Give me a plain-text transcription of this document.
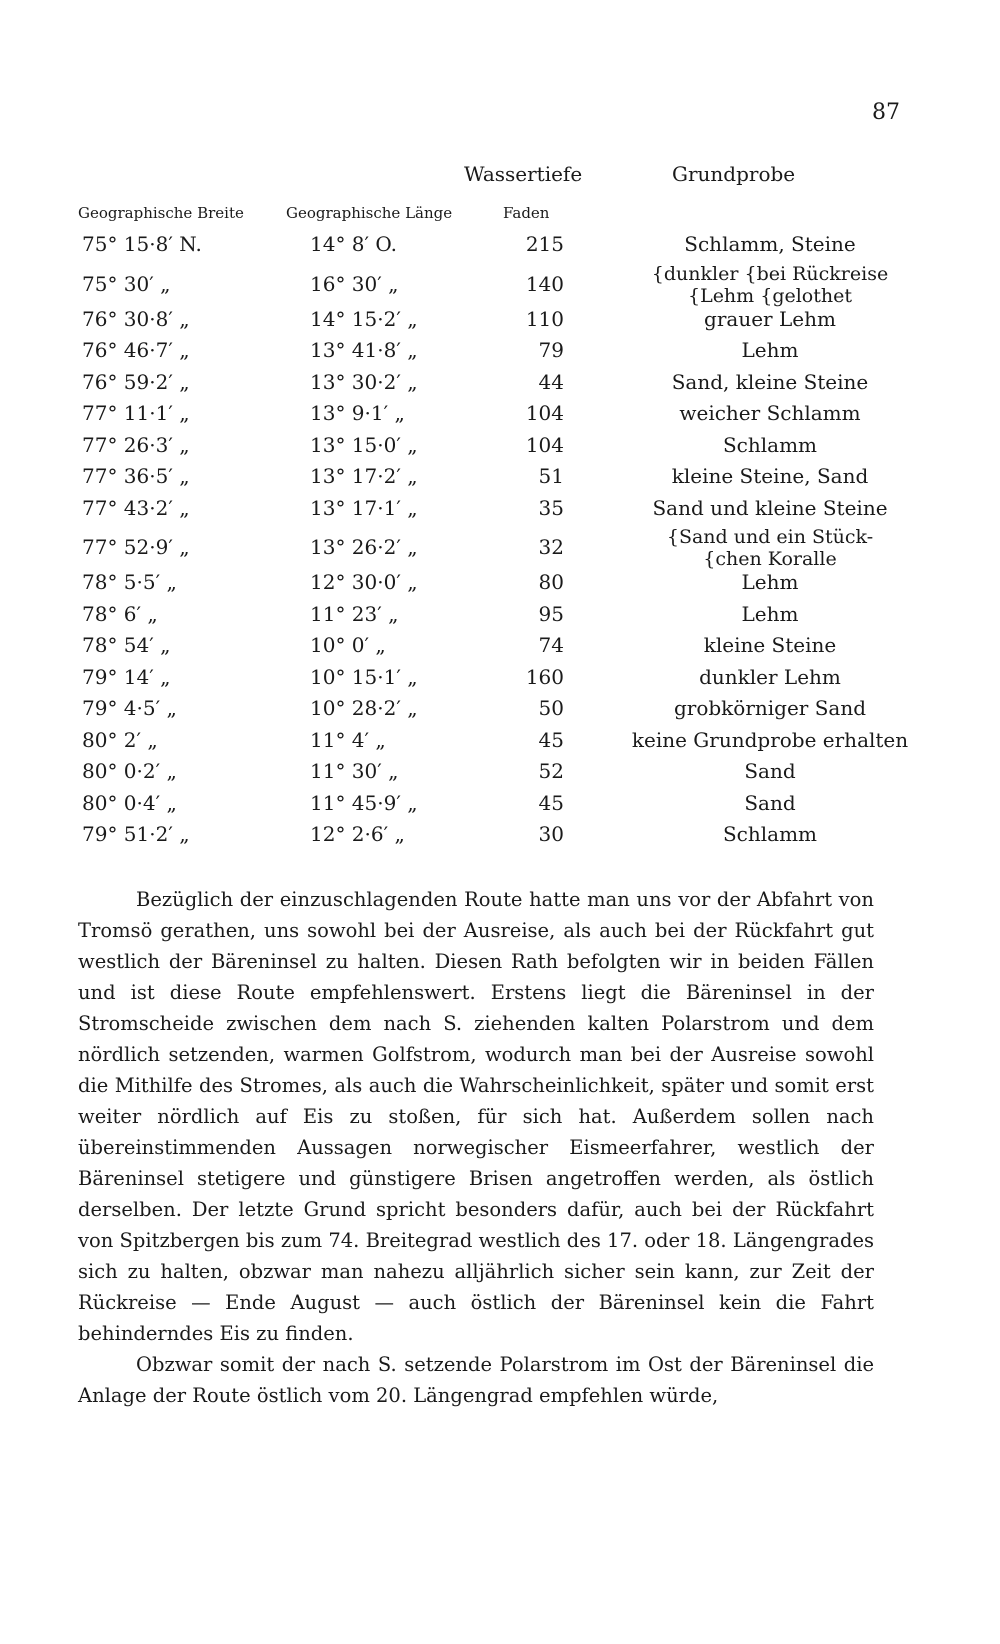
87
Wassertiefe	Grundprobe
Geographische Breite	Geographische Länge	Faden
75° 15·8′ N.	14° 8′ O.	215	Schlamm, Steine
75° 30′ „	16° 30′ „	140	{dunkler {bei Rückreise
{Lehm {gelothet
76° 30·8′ „	14° 15·2′ „	110	grauer Lehm
76° 46·7′ „	13° 41·8′ „	79	Lehm
76° 59·2′ „	13° 30·2′ „	44	Sand, kleine Steine
77° 11·1′ „	13° 9·1′ „	104	weicher Schlamm
77° 26·3′ „	13° 15·0′ „	104	Schlamm
77° 36·5′ „	13° 17·2′ „	51	kleine Steine, Sand
77° 43·2′ „	13° 17·1′ „	35	Sand und kleine Steine
77° 52·9′ „	13° 26·2′ „	32	{Sand und ein Stück-
{chen Koralle
78° 5·5′ „	12° 30·0′ „	80	Lehm
78° 6′ „	11° 23′ „	95	Lehm
78° 54′ „	10° 0′ „	74	kleine Steine
79° 14′ „	10° 15·1′ „	160	dunkler Lehm
79° 4·5′ „	10° 28·2′ „	50	grobkörniger Sand
80° 2′ „	11° 4′ „	45	keine Grundprobe erhalten
80° 0·2′ „	11° 30′ „	52	Sand
80° 0·4′ „	11° 45·9′ „	45	Sand
79° 51·2′ „	12° 2·6′ „	30	Schlamm

Bezüglich der einzuschlagenden Route hatte man uns vor der Abfahrt von Tromsö gerathen, uns sowohl bei der Ausreise, als auch bei der Rückfahrt gut westlich der Bäreninsel zu halten. Diesen Rath befolgten wir in beiden Fällen und ist diese Route empfehlenswert. Erstens liegt die Bäreninsel in der Stromscheide zwischen dem nach S. ziehenden kalten Polarstrom und dem nördlich setzenden, warmen Golfstrom, wodurch man bei der Ausreise sowohl die Mithilfe des Stromes, als auch die Wahrscheinlichkeit, später und somit erst weiter nördlich auf Eis zu stoßen, für sich hat. Außerdem sollen nach übereinstimmenden Aussagen norwegischer Eismeerfahrer, westlich der Bäreninsel stetigere und günstigere Brisen angetroffen werden, als östlich derselben. Der letzte Grund spricht besonders dafür, auch bei der Rückfahrt von Spitzbergen bis zum 74. Breitegrad westlich des 17. oder 18. Längengrades sich zu halten, obzwar man nahezu alljährlich sicher sein kann, zur Zeit der Rückreise — Ende August — auch östlich der Bäreninsel kein die Fahrt behinderndes Eis zu finden.

Obzwar somit der nach S. setzende Polarstrom im Ost der Bäreninsel die Anlage der Route östlich vom 20. Längengrad empfehlen würde,
